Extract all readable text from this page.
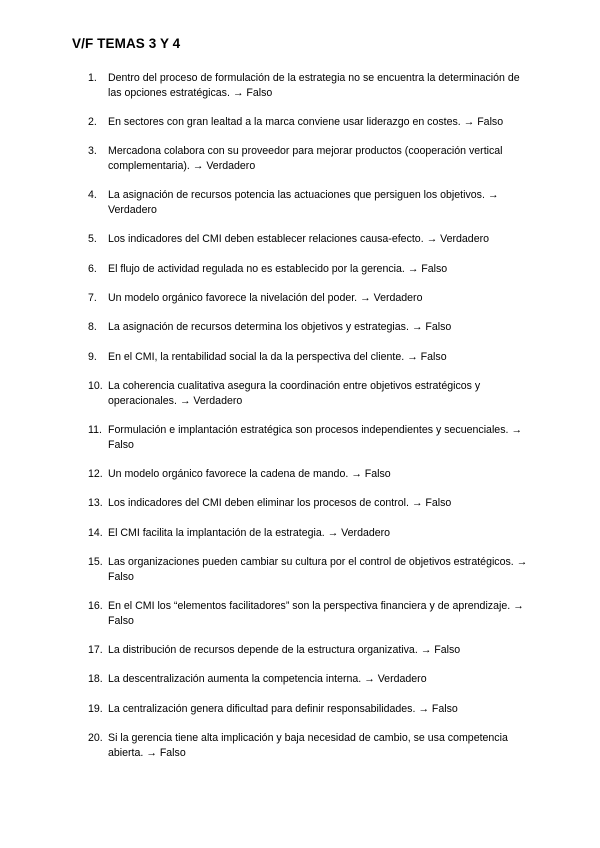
V/F TEMAS 3 Y 4
1. Dentro del proceso de formulación de la estrategia no se encuentra la determinación de las opciones estratégicas. → Falso
2. En sectores con gran lealtad a la marca conviene usar liderazgo en costes. → Falso
3. Mercadona colabora con su proveedor para mejorar productos (cooperación vertical complementaria). → Verdadero
4. La asignación de recursos potencia las actuaciones que persiguen los objetivos. → Verdadero
5. Los indicadores del CMI deben establecer relaciones causa-efecto. → Verdadero
6. El flujo de actividad regulada no es establecido por la gerencia. → Falso
7. Un modelo orgánico favorece la nivelación del poder. → Verdadero
8. La asignación de recursos determina los objetivos y estrategias. → Falso
9. En el CMI, la rentabilidad social la da la perspectiva del cliente. → Falso
10. La coherencia cualitativa asegura la coordinación entre objetivos estratégicos y operacionales. → Verdadero
11. Formulación e implantación estratégica son procesos independientes y secuenciales. → Falso
12. Un modelo orgánico favorece la cadena de mando. → Falso
13. Los indicadores del CMI deben eliminar los procesos de control. → Falso
14. El CMI facilita la implantación de la estrategia. → Verdadero
15. Las organizaciones pueden cambiar su cultura por el control de objetivos estratégicos. → Falso
16. En el CMI los “elementos facilitadores” son la perspectiva financiera y de aprendizaje. → Falso
17. La distribución de recursos depende de la estructura organizativa. → Falso
18. La descentralización aumenta la competencia interna. → Verdadero
19. La centralización genera dificultad para definir responsabilidades. → Falso
20. Si la gerencia tiene alta implicación y baja necesidad de cambio, se usa competencia abierta. → Falso
